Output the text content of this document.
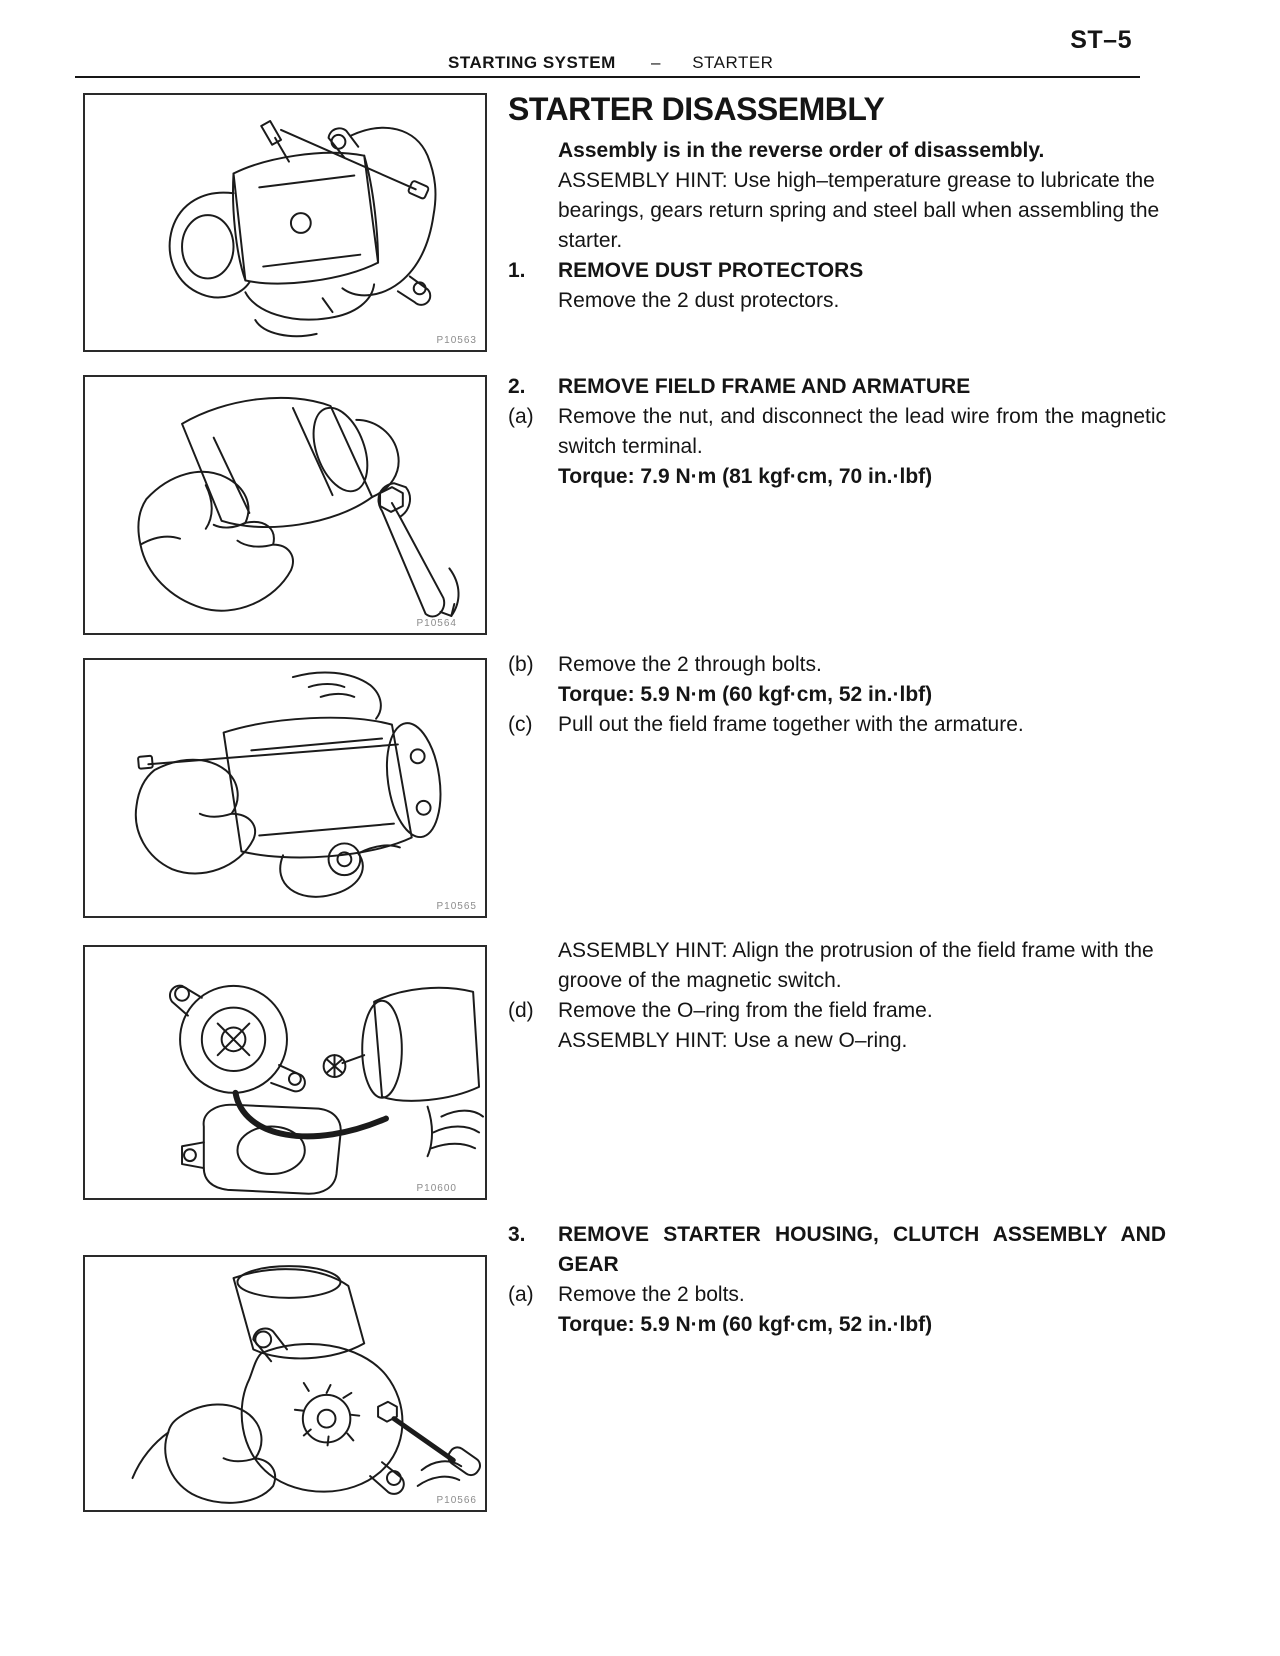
ST–5
STARTING SYSTEM – STARTER
P10563
P10564
P10565
P10600
P10566
STARTER DISASSEMBLY
Assembly is in the reverse order of disassembly.
ASSEMBLY HINT: Use high–temperature grease to lubricate the bearings, gears return spring and steel ball when assembling the starter.
1.	REMOVE DUST PROTECTORS
Remove the 2 dust protectors.
2.	REMOVE FIELD FRAME AND ARMATURE
(a)	Remove the nut, and disconnect the lead wire from the magnetic switch terminal.
Torque: 7.9 N·m (81 kgf·cm, 70 in.·lbf)
(b)	Remove the 2 through bolts.
Torque: 5.9 N·m (60 kgf·cm, 52 in.·lbf)
(c)	Pull out the field frame together with the armature.
ASSEMBLY HINT: Align the protrusion of the field frame with the groove of the magnetic switch.
(d)	Remove the O–ring from the field frame.
ASSEMBLY HINT: Use a new O–ring.
3.	REMOVE STARTER HOUSING, CLUTCH ASSEMBLY AND GEAR
(a)	Remove the 2 bolts.
Torque: 5.9 N·m (60 kgf·cm, 52 in.·lbf)
